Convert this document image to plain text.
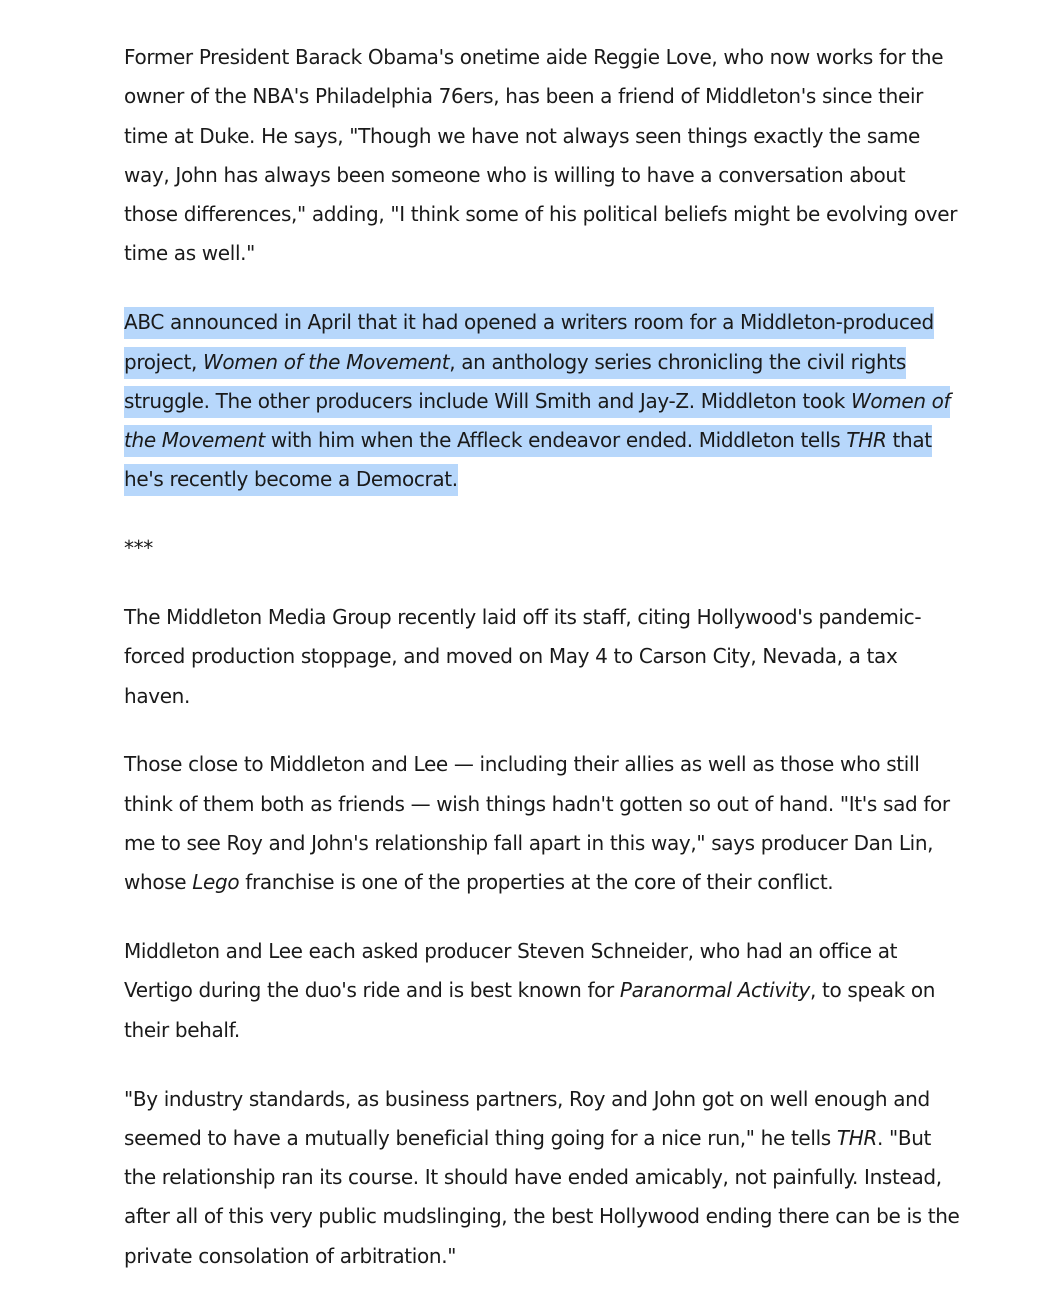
Former President Barack Obama's onetime aide Reggie Love, who now works for the owner of the NBA's Philadelphia 76ers, has been a friend of Middleton's since their time at Duke. He says, "Though we have not always seen things exactly the same way, John has always been someone who is willing to have a conversation about those differences," adding, "I think some of his political beliefs might be evolving over time as well."

ABC announced in April that it had opened a writers room for a Middleton-produced project, Women of the Movement, an anthology series chronicling the civil rights struggle. The other producers include Will Smith and Jay-Z. Middleton took Women of the Movement with him when the Affleck endeavor ended. Middleton tells THR that he's recently become a Democrat.

***

The Middleton Media Group recently laid off its staff, citing Hollywood's pandemic-forced production stoppage, and moved on May 4 to Carson City, Nevada, a tax haven.

Those close to Middleton and Lee — including their allies as well as those who still think of them both as friends — wish things hadn't gotten so out of hand. "It's sad for me to see Roy and John's relationship fall apart in this way," says producer Dan Lin, whose Lego franchise is one of the properties at the core of their conflict.

Middleton and Lee each asked producer Steven Schneider, who had an office at Vertigo during the duo's ride and is best known for Paranormal Activity, to speak on their behalf.

"By industry standards, as business partners, Roy and John got on well enough and seemed to have a mutually beneficial thing going for a nice run," he tells THR. "But the relationship ran its course. It should have ended amicably, not painfully. Instead, after all of this very public mudslinging, the best Hollywood ending there can be is the private consolation of arbitration."
